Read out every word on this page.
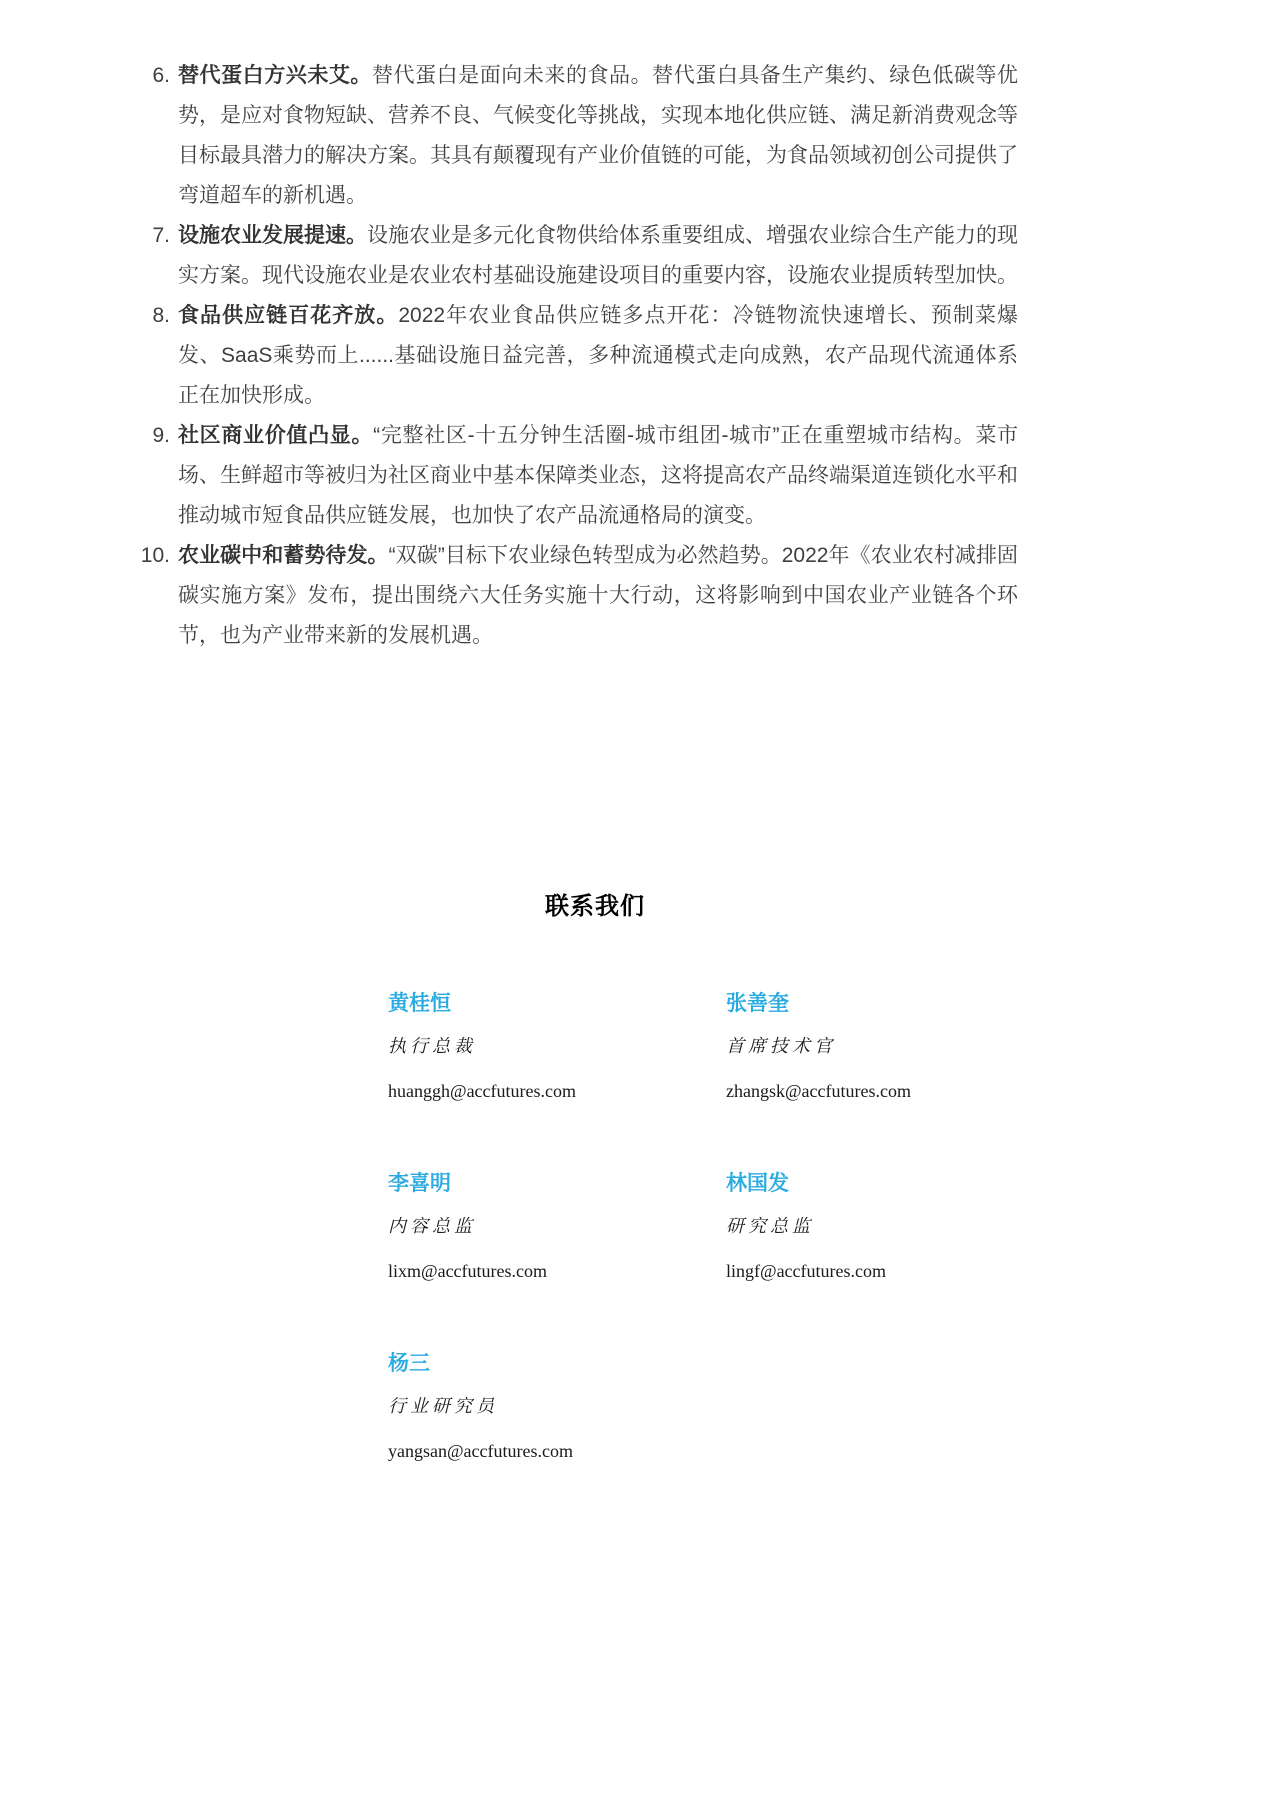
6. 替代蛋白方兴未艾。替代蛋白是面向未来的食品。替代蛋白具备生产集约、绿色低碳等优势，是应对食物短缺、营养不良、气候变化等挑战，实现本地化供应链、满足新消费观念等目标最具潜力的解决方案。其具有颠覆现有产业价值链的可能，为食品领域初创公司提供了弯道超车的新机遇。
7. 设施农业发展提速。设施农业是多元化食物供给体系重要组成、增强农业综合生产能力的现实方案。现代设施农业是农业农村基础设施建设项目的重要内容，设施农业提质转型加快。
8. 食品供应链百花齐放。2022年农业食品供应链多点开花：冷链物流快速增长、预制菜爆发、SaaS乘势而上......基础设施日益完善，多种流通模式走向成熟，农产品现代流通体系正在加快形成。
9. 社区商业价值凸显。“完整社区-十五分钟生活圈-城市组团-城市”正在重塑城市结构。菜市场、生鲜超市等被归为社区商业中基本保障类业态，这将提高农产品终端渠道连锁化水平和推动城市短食品供应链发展，也加快了农产品流通格局的演变。
10. 农业碳中和蓄势待发。“双碳”目标下农业绿色转型成为必然趋势。2022年《农业农村减排固碳实施方案》发布，提出围绕六大任务实施十大行动，这将影响到中国农业产业链各个环节，也为产业带来新的发展机遇。
联系我们
黄桂恒
执行总裁
huanggh@accfutures.com
张善奎
首席技术官
zhangsk@accfutures.com
李喜明
内容总监
lixm@accfutures.com
林国发
研究总监
lingf@accfutures.com
杨三
行业研究员
yangsan@accfutures.com
